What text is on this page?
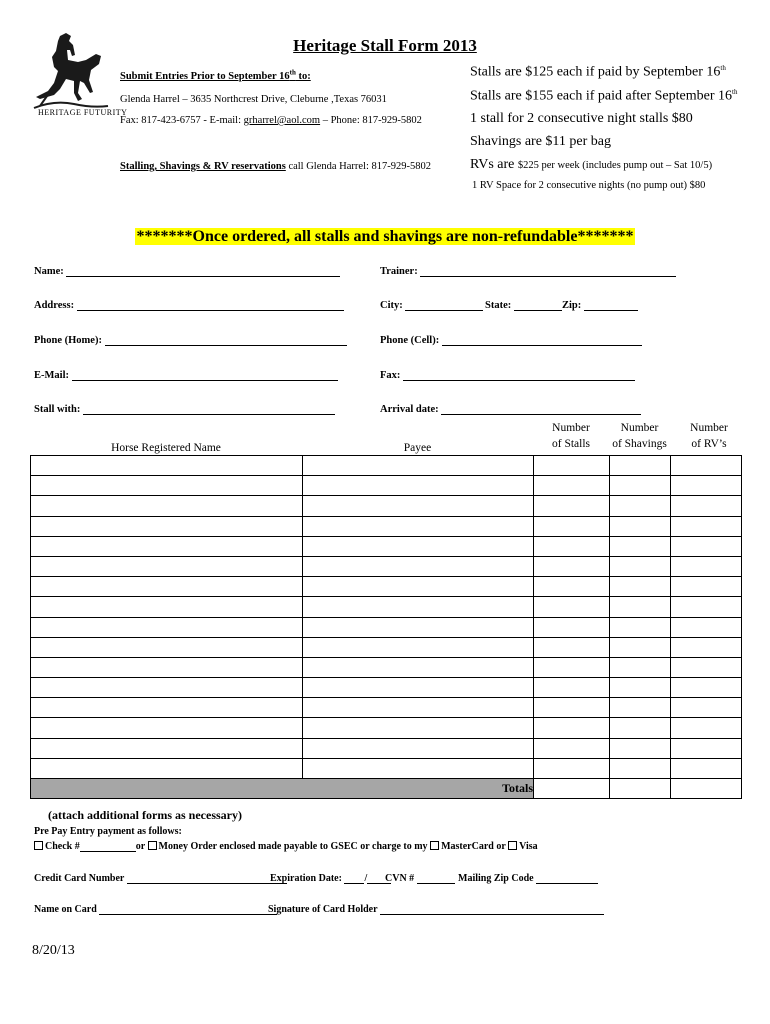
HERITAGE FUTURITY
Heritage Stall Form 2013
Submit Entries Prior to September 16th to:
Glenda Harrel – 3635 Northcrest Drive, Cleburne ,Texas 76031
Fax: 817-423-6757 - E-mail: grharrel@aol.com – Phone: 817-929-5802
Stalling, Shavings & RV reservations call Glenda Harrel: 817-929-5802
Stalls are $125 each if paid by September 16th
Stalls are $155 each if paid after September 16th
1 stall for 2 consecutive night stalls $80
Shavings are $11 per bag
RVs are $225 per week (includes pump out – Sat 10/5)
1 RV Space for 2 consecutive nights (no pump out) $80
*******Once ordered, all stalls and shavings are non-refundable*******
Name:	Trainer:
Address:	City:	State:	Zip:
Phone (Home):	Phone (Cell):
E-Mail:	Fax:
Stall with:	Arrival date:
Horse Registered Name	Payee
Number
of Stalls
Number
of Shavings
Number
of RV’s

Totals				
(attach additional forms as necessary)
Pre Pay Entry payment as follows:
Check #	or Money Order enclosed made payable to GSEC or charge to my MasterCard or Visa
Credit Card Number	Expiration Date: /	CVN #	Mailing Zip Code
Name on Card	Signature of Card Holder
8/20/13
